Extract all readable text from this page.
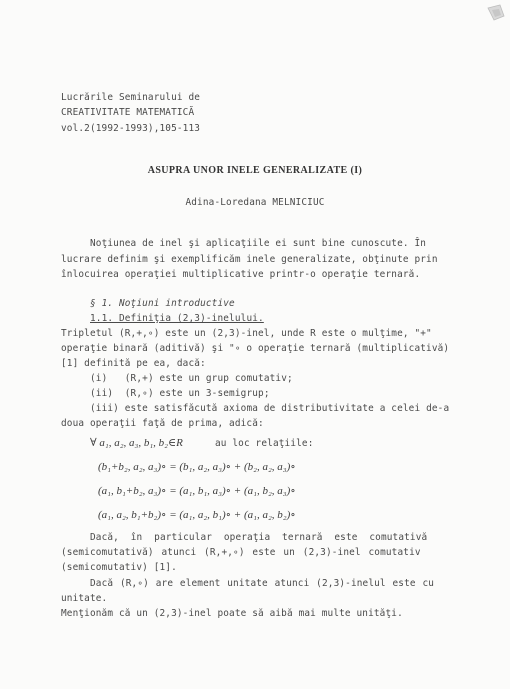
Lucrările Seminarului de
CREATIVITATE MATEMATICĂ
vol.2(1992-1993),105-113
ASUPRA UNOR INELE GENERALIZATE (I)
Adina-Loredana MELNICIUC
Noţiunea de inel şi aplicaţiile ei sunt bine cunoscute. În
lucrare definim şi exemplificăm inele generalizate, obţinute prin
înlocuirea operaţiei multiplicative printr-o operaţie ternară.
§ 1. Noţiuni introductive
1.1. Definiţia (2,3)-inelului.
Tripletul (R,+,∘) este un (2,3)-inel, unde R este o mulţime, "+"
operaţie binară (aditivă) şi "∘ o operaţie ternară (multiplicativă)
[1] definită pe ea, dacă:
(i)   (R,+) este un grup comutativ;
(ii)  (R,∘) este un 3-semigrup;
(iii) este satisfăcută axioma de distributivitate a celei de-a
doua operaţii faţă de prima, adică:
∀ a₁, a₂, a₃, b₁, b₂∈R	au loc relaţiile:
(b₁+b₂, a₂, a₃)∘ = (b₁, a₂, a₃)∘ + (b₂, a₂, a₃)∘
(a₁, b₁+b₂, a₃)∘ = (a₁, b₁, a₃)∘ + (a₁, b₂, a₃)∘
(a₁, a₂, b₁+b₂)∘ = (a₁, a₂, b₁)∘ + (a₁, a₂, b₂)∘
Dacă, în particular operaţia ternară este comutativă
(semicomutativă) atunci (R,+,∘) este un (2,3)-inel comutativ
(semicomutativ) [1].
Dacă (R,∘) are element unitate atunci (2,3)-inelul este cu
unitate.
Menţionăm că un (2,3)-inel poate să aibă mai multe unităţi.
